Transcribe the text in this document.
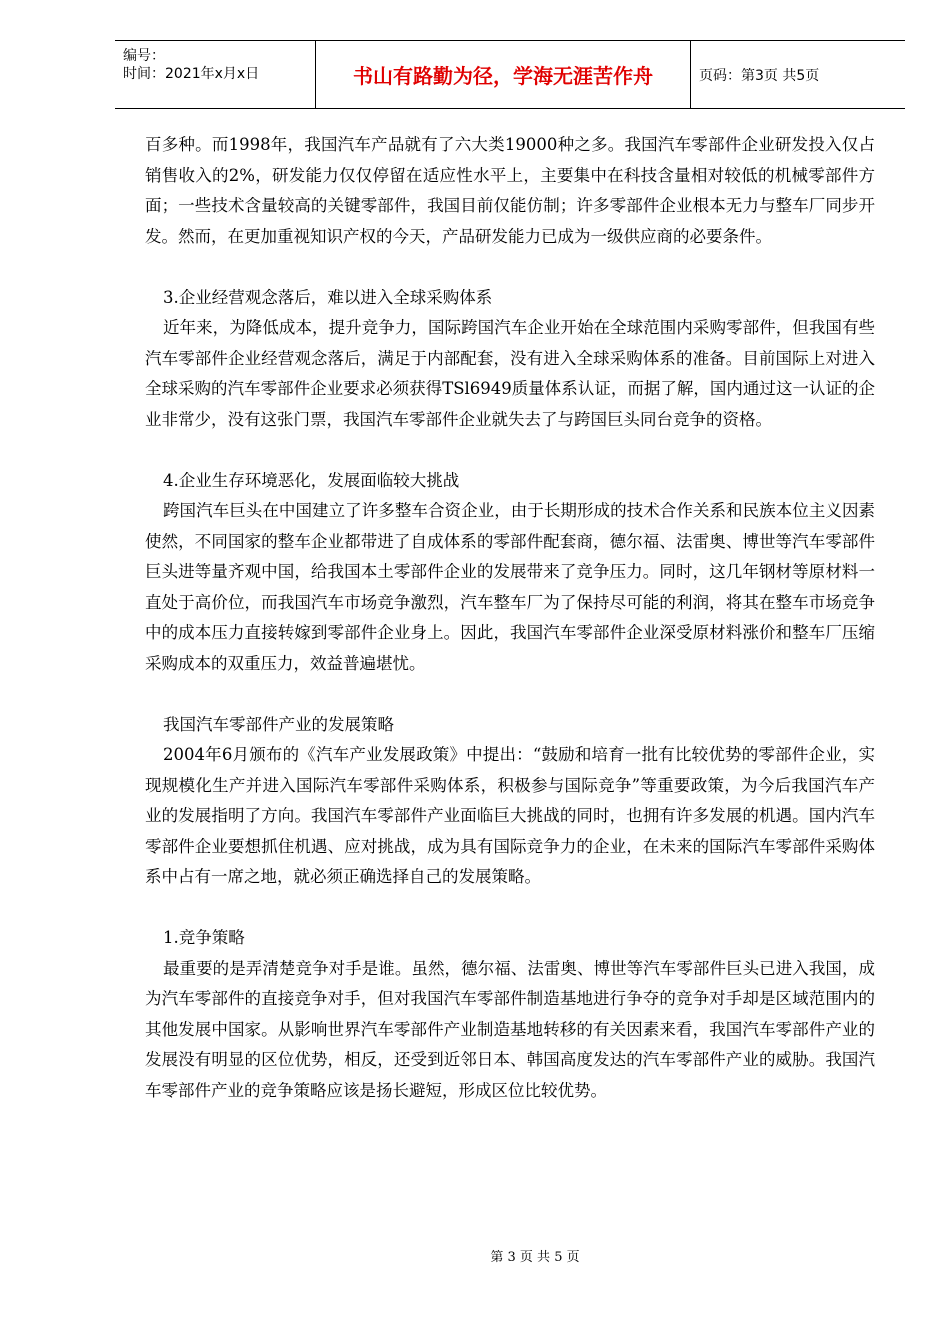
编号：
时间：2021年x月x日	书山有路勤为径，学海无涯苦作舟	页码：第3页 共5页

百多种。而1998年，我国汽车产品就有了六大类19000种之多。我国汽车零部件企业研发投入仅占销售收入的2%，研发能力仅仅停留在适应性水平上，主要集中在科技含量相对较低的机械零部件方面；一些技术含量较高的关键零部件，我国目前仅能仿制；许多零部件企业根本无力与整车厂同步开发。然而，在更加重视知识产权的今天，产品研发能力已成为一级供应商的必要条件。

3.企业经营观念落后，难以进入全球采购体系

近年来，为降低成本，提升竞争力，国际跨国汽车企业开始在全球范围内采购零部件，但我国有些汽车零部件企业经营观念落后，满足于内部配套，没有进入全球采购体系的准备。目前国际上对进入全球采购的汽车零部件企业要求必须获得TSl6949质量体系认证，而据了解，国内通过这一认证的企业非常少，没有这张门票，我国汽车零部件企业就失去了与跨国巨头同台竞争的资格。

4.企业生存环境恶化，发展面临较大挑战

跨国汽车巨头在中国建立了许多整车合资企业，由于长期形成的技术合作关系和民族本位主义因素使然，不同国家的整车企业都带进了自成体系的零部件配套商，德尔福、法雷奥、博世等汽车零部件巨头进等量齐观中国，给我国本土零部件企业的发展带来了竞争压力。同时，这几年钢材等原材料一直处于高价位，而我国汽车市场竞争激烈，汽车整车厂为了保持尽可能的利润，将其在整车市场竞争中的成本压力直接转嫁到零部件企业身上。因此，我国汽车零部件企业深受原材料涨价和整车厂压缩采购成本的双重压力，效益普遍堪忧。

我国汽车零部件产业的发展策略

2004年6月颁布的《汽车产业发展政策》中提出：“鼓励和培育一批有比较优势的零部件企业，实现规模化生产并进入国际汽车零部件采购体系，积极参与国际竞争”等重要政策，为今后我国汽车产业的发展指明了方向。我国汽车零部件产业面临巨大挑战的同时，也拥有许多发展的机遇。国内汽车零部件企业要想抓住机遇、应对挑战，成为具有国际竞争力的企业，在未来的国际汽车零部件采购体系中占有一席之地，就必须正确选择自己的发展策略。

1.竞争策略

最重要的是弄清楚竞争对手是谁。虽然，德尔福、法雷奥、博世等汽车零部件巨头已进入我国，成为汽车零部件的直接竞争对手，但对我国汽车零部件制造基地进行争夺的竞争对手却是区域范围内的其他发展中国家。从影响世界汽车零部件产业制造基地转移的有关因素来看，我国汽车零部件产业的发展没有明显的区位优势，相反，还受到近邻日本、韩国高度发达的汽车零部件产业的威胁。我国汽车零部件产业的竞争策略应该是扬长避短，形成区位比较优势。

第 3 页 共 5 页
